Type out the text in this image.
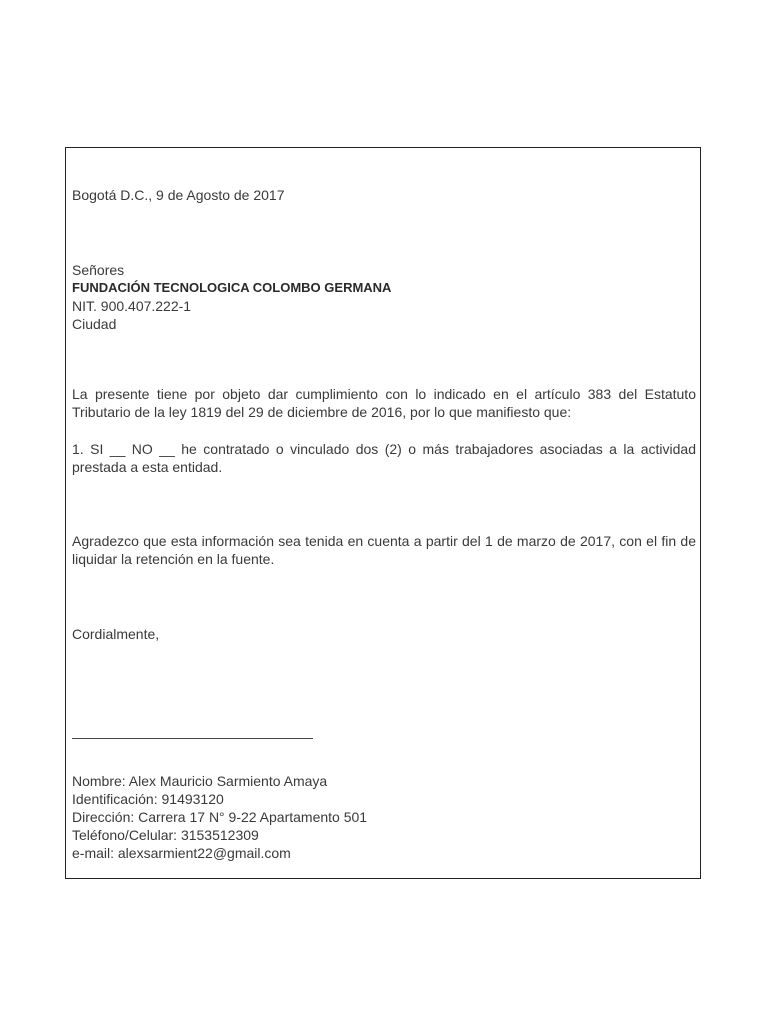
Bogotá D.C., 9 de Agosto de 2017
Señores
FUNDACIÓN TECNOLOGICA COLOMBO GERMANA
NIT. 900.407.222-1
Ciudad
La presente tiene por objeto dar cumplimiento con lo indicado en el artículo 383 del Estatuto Tributario de la ley 1819 del 29 de diciembre de 2016, por lo que manifiesto que:
1. SI __ NO __ he contratado o vinculado dos (2) o más trabajadores asociadas a la actividad prestada a esta entidad.
Agradezco que esta información sea tenida en cuenta a partir del 1 de marzo de 2017, con el fin de liquidar la retención en la fuente.
Cordialmente,
Nombre: Alex Mauricio Sarmiento Amaya
Identificación: 91493120
Dirección: Carrera 17 N° 9-22 Apartamento 501
Teléfono/Celular: 3153512309
e-mail: alexsarmient22@gmail.com
